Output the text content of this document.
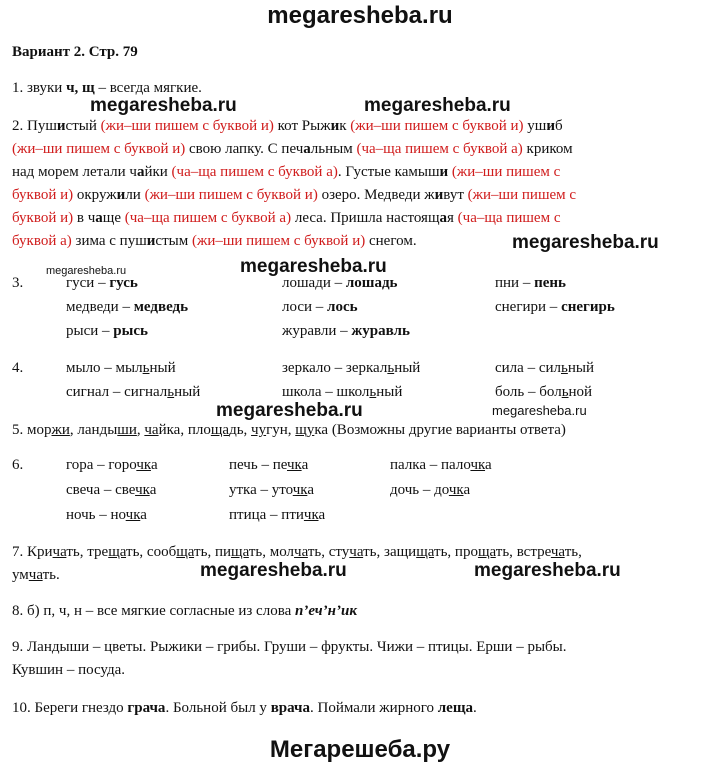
megaresheba.ru
Вариант 2. Стр. 79
1. звуки ч, щ – всегда мягкие.
megaresheba.ru	megaresheba.ru
2. Пушистый (жи–ши пишем с буквой и) кот Рыжик (жи–ши пишем с буквой и) ушиб
(жи–ши пишем с буквой и) свою лапку. С печальным (ча–ща пишем с буквой а) криком
над морем летали чайки (ча–ща пишем с буквой а). Густые камыши (жи–ши пишем с
буквой и) окружили (жи–ши пишем с буквой и) озеро. Медведи живут (жи–ши пишем с
буквой и) в чаще (ча–ща пишем с буквой а) леса. Пришла настоящая (ча–ща пишем с
буквой а) зима с пушистым (жи–ши пишем с буквой и) снегом.	megaresheba.ru
megaresheba.ru	megaresheba.ru
3.	гуси – гусь	лошади – лошадь	пни – пень
медведи – медведь	лоси – лось	снегири – снегирь
рыси – рысь	журавли – журавль
4.	мыло – мыльный	зеркало – зеркальный	сила – сильный
сигнал – сигнальный	школа – школьный	боль – больной
megaresheba.ru	megaresheba.ru
5. моржи, ландыши, чайка, площадь, чугун, щука (Возможны другие варианты ответа)
6.	гора – горочка	печь – печка	палка – палочка
свеча – свечка	утка – уточка	дочь – дочка
ночь – ночка	птица – птичка
7. Кричать, трещать, сообщать, пищать, молчать, стучать, защищать, прощать, встречать,
умчать.	megaresheba.ru	megaresheba.ru
8. б) п, ч, н – все мягкие согласные из слова п’еч’н’ик
9. Ландыши – цветы. Рыжики – грибы. Груши – фрукты. Чижи – птицы. Ерши – рыбы.
Кувшин – посуда.
10. Береги гнездо грача. Больной был у врача. Поймали жирного леща.
Мегарешеба.ру
